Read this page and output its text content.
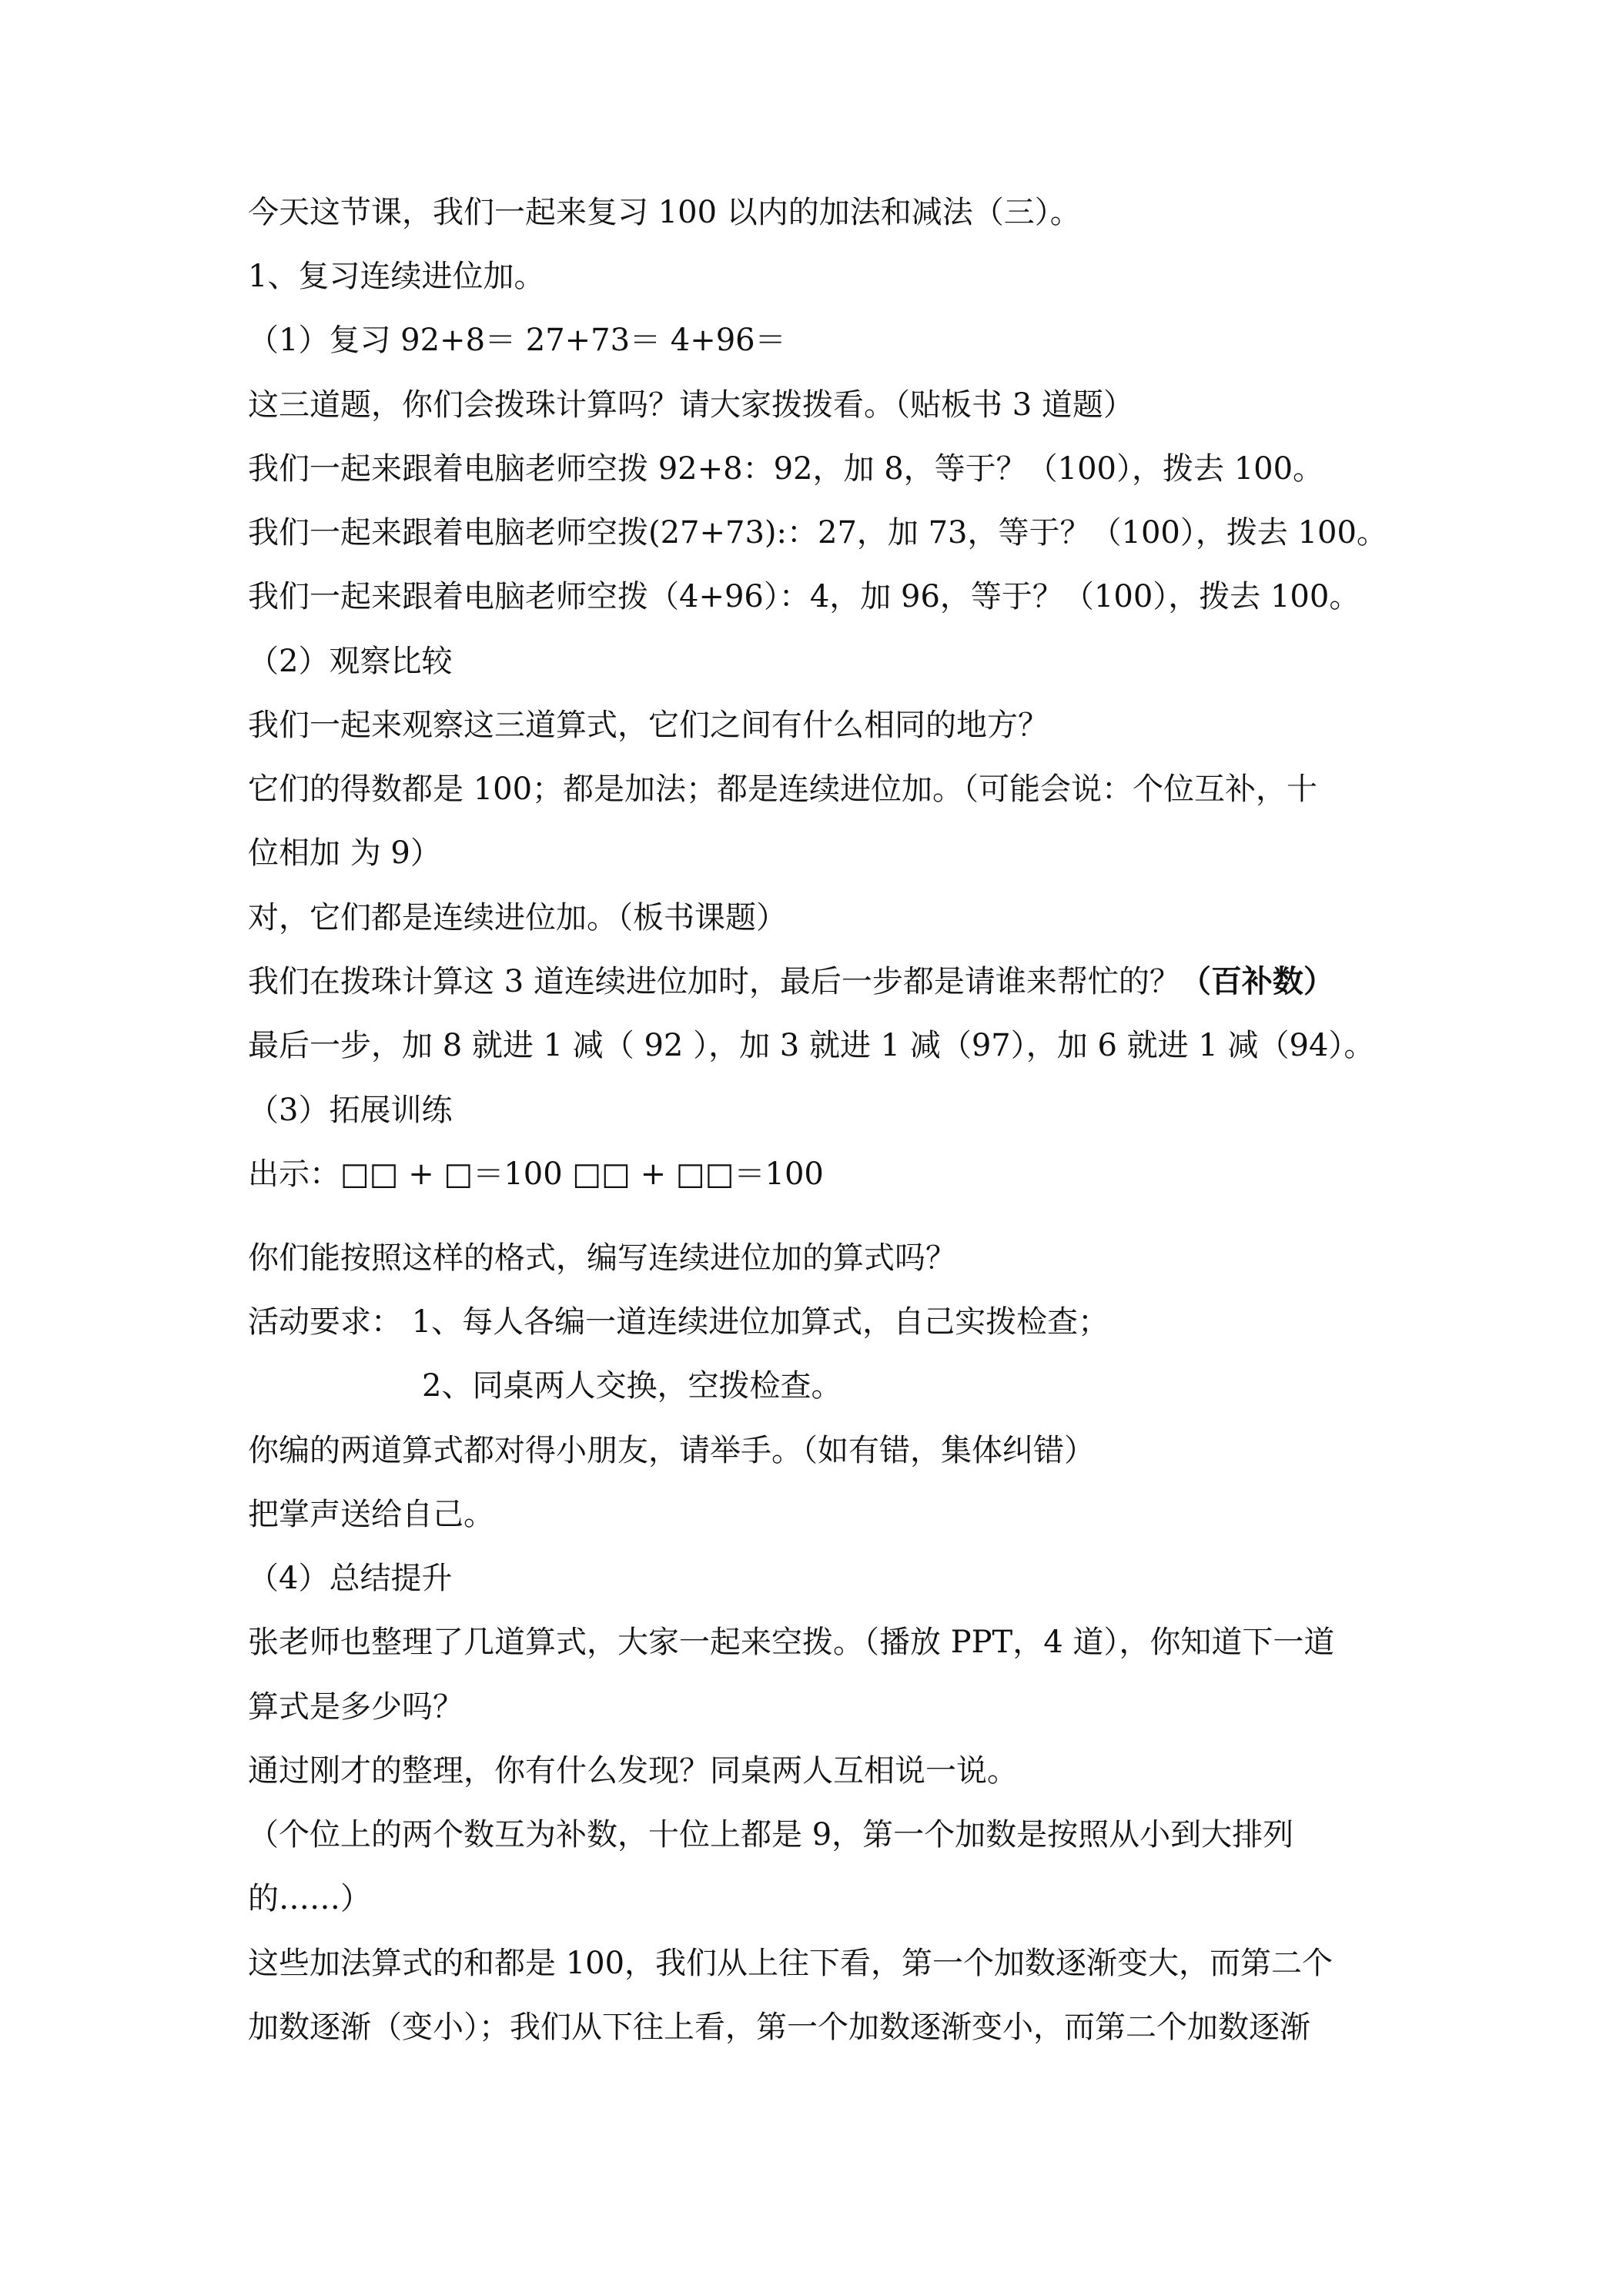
今天这节课，我们一起来复习 100 以内的加法和减法（三）。
1、复习连续进位加。
（1）复习 92+8＝ 27+73＝ 4+96＝
这三道题，你们会拨珠计算吗？请大家拨拨看。（贴板书 3 道题）
我们一起来跟着电脑老师空拨 92+8：92，加 8，等于？（100），拨去 100。
我们一起来跟着电脑老师空拨(27+73):：27，加 73，等于？（100），拨去 100。
我们一起来跟着电脑老师空拨（4+96）：4，加 96，等于？（100），拨去 100。
（2）观察比较
我们一起来观察这三道算式，它们之间有什么相同的地方？
它们的得数都是 100；都是加法；都是连续进位加。（可能会说：个位互补，十
位相加 为 9）
对，它们都是连续进位加。（板书课题）
我们在拨珠计算这 3 道连续进位加时，最后一步都是请谁来帮忙的？（百补数）
最后一步，加 8 就进 1 减（ 92 ），加 3 就进 1 减（97），加 6 就进 1 减（94）。
（3）拓展训练
出示：□□ + □＝100 □□ + □□＝100
你们能按照这样的格式，编写连续进位加的算式吗？
活动要求： 1、每人各编一道连续进位加算式，自己实拨检查；
2、同桌两人交换，空拨检查。
你编的两道算式都对得小朋友，请举手。（如有错，集体纠错）
把掌声送给自己。
（4）总结提升
张老师也整理了几道算式，大家一起来空拨。（播放 PPT，4 道），你知道下一道
算式是多少吗？
通过刚才的整理，你有什么发现？同桌两人互相说一说。
（个位上的两个数互为补数，十位上都是 9，第一个加数是按照从小到大排列
的……）
这些加法算式的和都是 100，我们从上往下看，第一个加数逐渐变大，而第二个
加数逐渐（变小）；我们从下往上看，第一个加数逐渐变小，而第二个加数逐渐
